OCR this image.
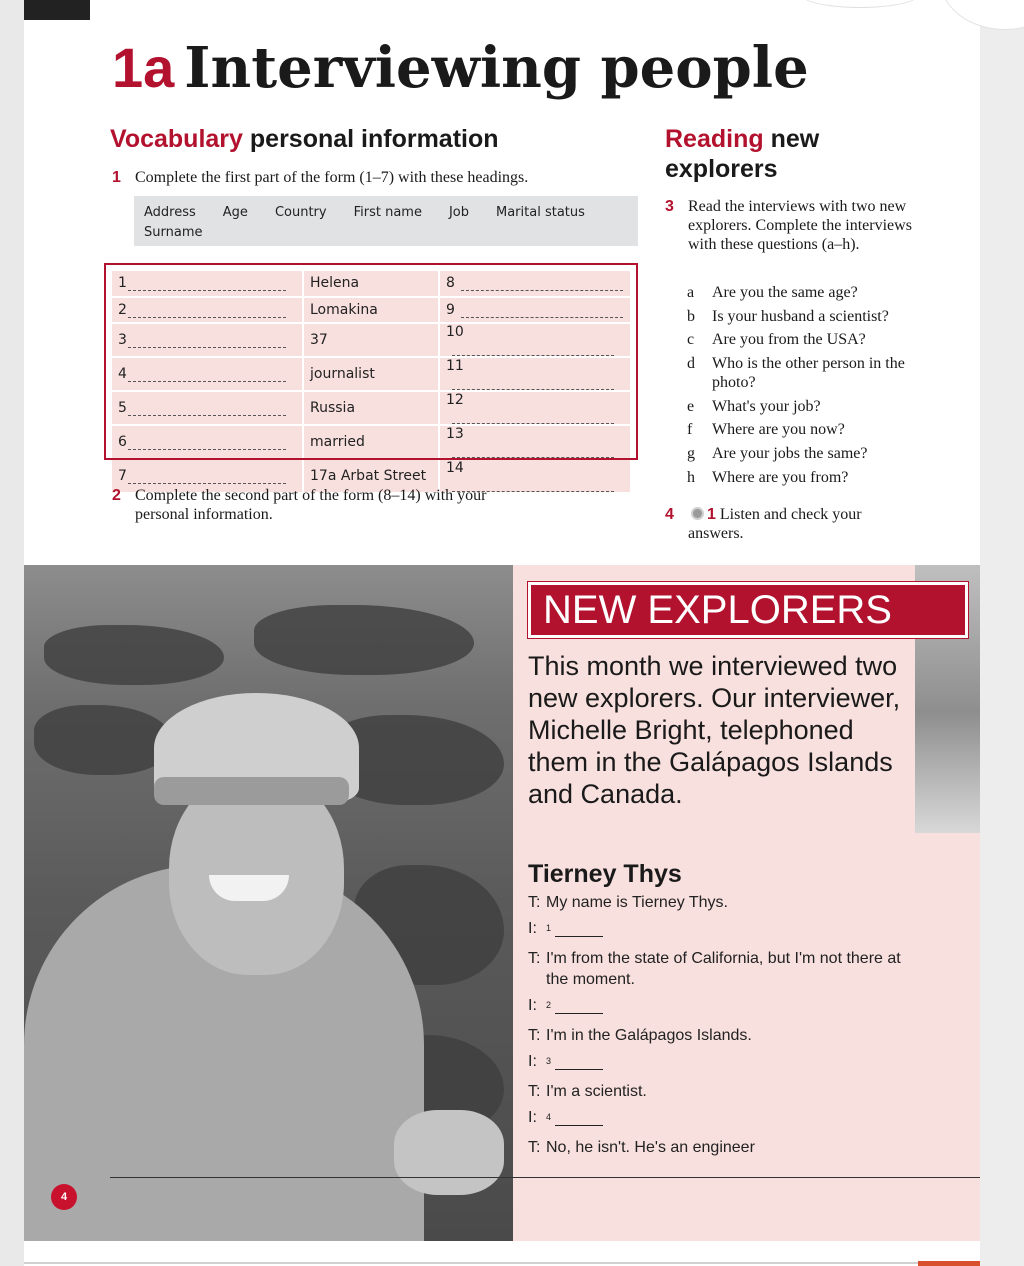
1a Interviewing people
Vocabulary personal information
1 Complete the first part of the form (1–7) with these headings.
Address Age Country First name Job Marital status
Surname
1	Helena	8
2	Lomakina	9
3	37	10
4	journalist	11
5	Russia	12
6	married	13
7	17a Arbat Street	14
2 Complete the second part of the form (8–14) with your personal information.
Reading new
explorers
3 Read the interviews with two new explorers. Complete the interviews with these questions (a–h).
a Are you the same age?
b Is your husband a scientist?
c Are you from the USA?
d Who is the other person in the photo?
e What's your job?
f Where are you now?
g Are your jobs the same?
h Where are you from?
4	1 Listen and check your answers.
NEW EXPLORERS

This month we interviewed two new explorers. Our interviewer, Michelle Bright, telephoned them in the Galápagos Islands and Canada.

Tierney Thys
T: My name is Tierney Thys.
I: $^1$
T: I'm from the state of California, but I'm not there at the moment.
I: $^2$
T: I'm in the Galápagos Islands.
I: $^3$
T: I'm a scientist.
I: $^4$
T: No, he isn't. He's an engineer
4
